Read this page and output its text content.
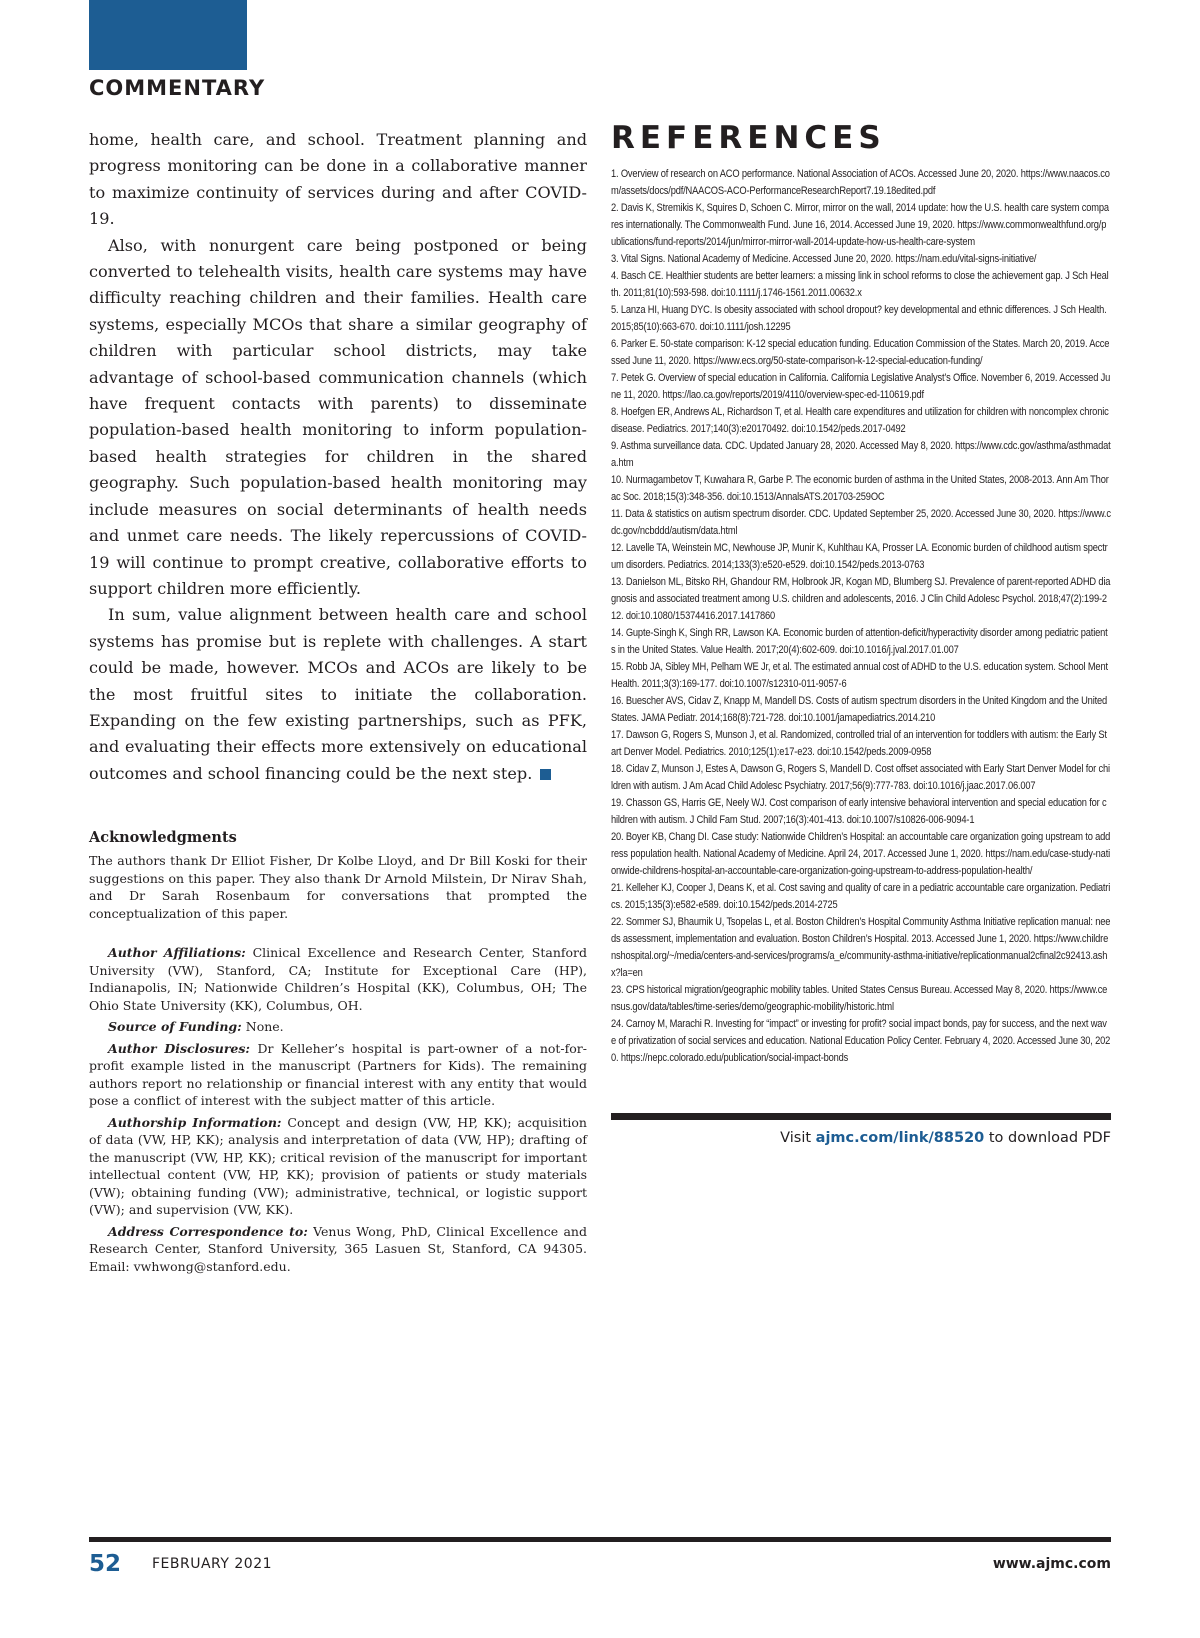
COMMENTARY

home, health care, and school. Treatment planning and progress monitoring can be done in a collaborative manner to maximize continuity of services during and after COVID-19.

Also, with nonurgent care being postponed or being converted to telehealth visits, health care systems may have difficulty reaching children and their families. Health care systems, especially MCOs that share a similar geography of children with particular school districts, may take advantage of school-based communication channels (which have frequent contacts with parents) to disseminate population-based health monitoring to inform population-based health strategies for children in the shared geography. Such population-based health monitoring may include measures on social determinants of health needs and unmet care needs. The likely repercussions of COVID-19 will continue to prompt creative, collaborative efforts to support children more efficiently.

In sum, value alignment between health care and school systems has promise but is replete with challenges. A start could be made, however. MCOs and ACOs are likely to be the most fruitful sites to initiate the collaboration. Expanding on the few existing partnerships, such as PFK, and evaluating their effects more extensively on educational outcomes and school financing could be the next step.

Acknowledgments

The authors thank Dr Elliot Fisher, Dr Kolbe Lloyd, and Dr Bill Koski for their suggestions on this paper. They also thank Dr Arnold Milstein, Dr Nirav Shah, and Dr Sarah Rosenbaum for conversations that prompted the conceptualization of this paper.

Author Affiliations: Clinical Excellence and Research Center, Stanford University (VW), Stanford, CA; Institute for Exceptional Care (HP), Indianapolis, IN; Nationwide Children’s Hospital (KK), Columbus, OH; The Ohio State University (KK), Columbus, OH.

Source of Funding: None.

Author Disclosures: Dr Kelleher’s hospital is part-owner of a not-for-profit example listed in the manuscript (Partners for Kids). The remaining authors report no relationship or financial interest with any entity that would pose a conflict of interest with the subject matter of this article.

Authorship Information: Concept and design (VW, HP, KK); acquisition of data (VW, HP, KK); analysis and interpretation of data (VW, HP); drafting of the manuscript (VW, HP, KK); critical revision of the manuscript for important intellectual content (VW, HP, KK); provision of patients or study materials (VW); obtaining funding (VW); administrative, technical, or logistic support (VW); and supervision (VW, KK).

Address Correspondence to: Venus Wong, PhD, Clinical Excellence and Research Center, Stanford University, 365 Lasuen St, Stanford, CA 94305. Email: vwhwong@stanford.edu.

REFERENCES
1. Overview of research on ACO performance. National Association of ACOs. Accessed June 20, 2020. https://www.naacos.com/assets/docs/pdf/NAACOS-ACO-PerformanceResearchReport7.19.18edited.pdf
2. Davis K, Stremikis K, Squires D, Schoen C. Mirror, mirror on the wall, 2014 update: how the U.S. health care system compares internationally. The Commonwealth Fund. June 16, 2014. Accessed June 19, 2020. https://www.commonwealthfund.org/publications/fund-reports/2014/jun/mirror-mirror-wall-2014-update-how-us-health-care-system
3. Vital Signs. National Academy of Medicine. Accessed June 20, 2020. https://nam.edu/vital-signs-initiative/
4. Basch CE. Healthier students are better learners: a missing link in school reforms to close the achievement gap. J Sch Health. 2011;81(10):593-598. doi:10.1111/j.1746-1561.2011.00632.x
5. Lanza HI, Huang DYC. Is obesity associated with school dropout? key developmental and ethnic differences. J Sch Health. 2015;85(10):663-670. doi:10.1111/josh.12295
6. Parker E. 50-state comparison: K-12 special education funding. Education Commission of the States. March 20, 2019. Accessed June 11, 2020. https://www.ecs.org/50-state-comparison-k-12-special-education-funding/
7. Petek G. Overview of special education in California. California Legislative Analyst’s Office. November 6, 2019. Accessed June 11, 2020. https://lao.ca.gov/reports/2019/4110/overview-spec-ed-110619.pdf
8. Hoefgen ER, Andrews AL, Richardson T, et al. Health care expenditures and utilization for children with noncomplex chronic disease. Pediatrics. 2017;140(3):e20170492. doi:10.1542/peds.2017-0492
9. Asthma surveillance data. CDC. Updated January 28, 2020. Accessed May 8, 2020. https://www.cdc.gov/asthma/asthmadata.htm
10. Nurmagambetov T, Kuwahara R, Garbe P. The economic burden of asthma in the United States, 2008-2013. Ann Am Thorac Soc. 2018;15(3):348-356. doi:10.1513/AnnalsATS.201703-259OC
11. Data & statistics on autism spectrum disorder. CDC. Updated September 25, 2020. Accessed June 30, 2020. https://www.cdc.gov/ncbddd/autism/data.html
12. Lavelle TA, Weinstein MC, Newhouse JP, Munir K, Kuhlthau KA, Prosser LA. Economic burden of childhood autism spectrum disorders. Pediatrics. 2014;133(3):e520-e529. doi:10.1542/peds.2013-0763
13. Danielson ML, Bitsko RH, Ghandour RM, Holbrook JR, Kogan MD, Blumberg SJ. Prevalence of parent-reported ADHD diagnosis and associated treatment among U.S. children and adolescents, 2016. J Clin Child Adolesc Psychol. 2018;47(2):199-212. doi:10.1080/15374416.2017.1417860
14. Gupte-Singh K, Singh RR, Lawson KA. Economic burden of attention-deficit/hyperactivity disorder among pediatric patients in the United States. Value Health. 2017;20(4):602-609. doi:10.1016/j.jval.2017.01.007
15. Robb JA, Sibley MH, Pelham WE Jr, et al. The estimated annual cost of ADHD to the U.S. education system. School Ment Health. 2011;3(3):169-177. doi:10.1007/s12310-011-9057-6
16. Buescher AVS, Cidav Z, Knapp M, Mandell DS. Costs of autism spectrum disorders in the United Kingdom and the United States. JAMA Pediatr. 2014;168(8):721-728. doi:10.1001/jamapediatrics.2014.210
17. Dawson G, Rogers S, Munson J, et al. Randomized, controlled trial of an intervention for toddlers with autism: the Early Start Denver Model. Pediatrics. 2010;125(1):e17-e23. doi:10.1542/peds.2009-0958
18. Cidav Z, Munson J, Estes A, Dawson G, Rogers S, Mandell D. Cost offset associated with Early Start Denver Model for children with autism. J Am Acad Child Adolesc Psychiatry. 2017;56(9):777-783. doi:10.1016/j.jaac.2017.06.007
19. Chasson GS, Harris GE, Neely WJ. Cost comparison of early intensive behavioral intervention and special education for children with autism. J Child Fam Stud. 2007;16(3):401-413. doi:10.1007/s10826-006-9094-1
20. Boyer KB, Chang DI. Case study: Nationwide Children’s Hospital: an accountable care organization going upstream to address population health. National Academy of Medicine. April 24, 2017. Accessed June 1, 2020. https://nam.edu/case-study-nationwide-childrens-hospital-an-accountable-care-organization-going-upstream-to-address-population-health/
21. Kelleher KJ, Cooper J, Deans K, et al. Cost saving and quality of care in a pediatric accountable care organization. Pediatrics. 2015;135(3):e582-e589. doi:10.1542/peds.2014-2725
22. Sommer SJ, Bhaumik U, Tsopelas L, et al. Boston Children’s Hospital Community Asthma Initiative replication manual: needs assessment, implementation and evaluation. Boston Children’s Hospital. 2013. Accessed June 1, 2020. https://www.childrenshospital.org/~/media/centers-and-services/programs/a_e/community-asthma-initiative/replicationmanual2cfinal2c92413.ashx?la=en
23. CPS historical migration/geographic mobility tables. United States Census Bureau. Accessed May 8, 2020. https://www.census.gov/data/tables/time-series/demo/geographic-mobility/historic.html
24. Carnoy M, Marachi R. Investing for “impact” or investing for profit? social impact bonds, pay for success, and the next wave of privatization of social services and education. National Education Policy Center. February 4, 2020. Accessed June 30, 2020. https://nepc.colorado.edu/publication/social-impact-bonds
Visit ajmc.com/link/88520 to download PDF
52 FEBRUARY 2021	www.ajmc.com
